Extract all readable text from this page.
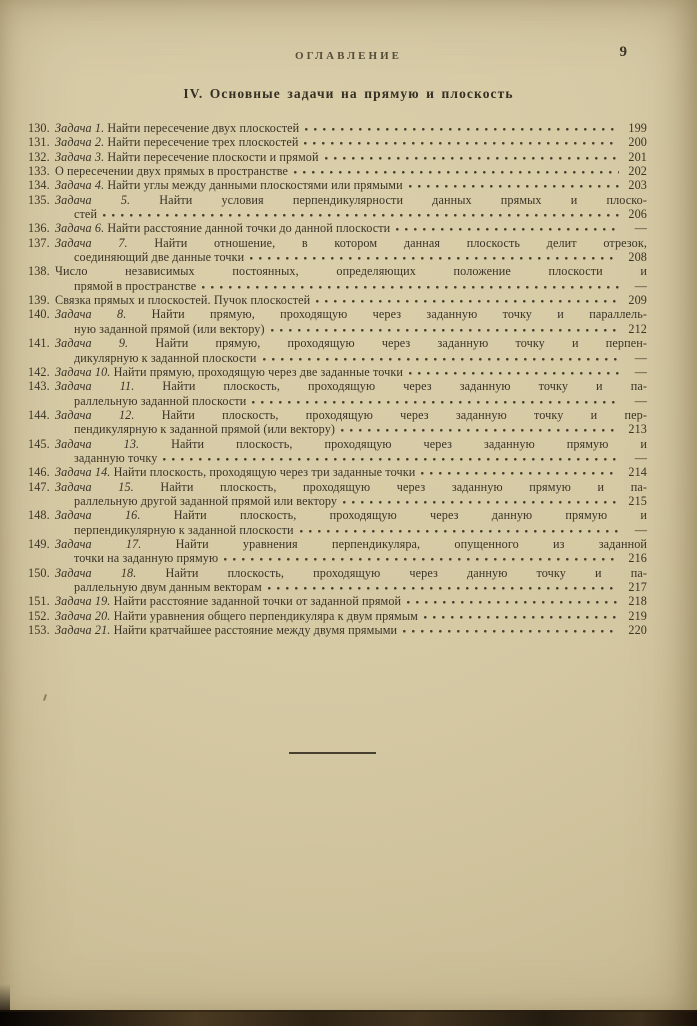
ОГЛАВЛЕНИЕ	9
IV. Основные задачи на прямую и плоскость
130. Задача 1. Найти пересечение двух плоскостей	199
131. Задача 2. Найти пересечение трех плоскостей	200
132. Задача 3. Найти пересечение плоскости и прямой	201
133. О пересечении двух прямых в пространстве	202
134. Задача 4. Найти углы между данными плоскостями или прямыми	203
135. Задача 5. Найти условия перпендикулярности данных прямых и плоско-
стей	206
136. Задача 6. Найти расстояние данной точки до данной плоскости	—
137. Задача 7. Найти отношение, в котором данная плоскость делит отрезок,
соединяющий две данные точки	208
138. Число независимых постоянных, определяющих положение плоскости и
прямой в пространстве	—
139. Связка прямых и плоскостей. Пучок плоскостей	209
140. Задача 8. Найти прямую, проходящую через заданную точку и параллель-
ную заданной прямой (или вектору)	212
141. Задача 9. Найти прямую, проходящую через заданную точку и перпен-
дикулярную к заданной плоскости	—
142. Задача 10. Найти прямую, проходящую через две заданные точки	—
143. Задача 11. Найти плоскость, проходящую через заданную точку и па-
раллельную заданной плоскости	—
144. Задача 12. Найти плоскость, проходящую через заданную точку и пер-
пендикулярную к заданной прямой (или вектору)	213
145. Задача 13. Найти плоскость, проходящую через заданную прямую и
заданную точку	—
146. Задача 14. Найти плоскость, проходящую через три заданные точки	214
147. Задача 15. Найти плоскость, проходящую через заданную прямую и па-
раллельную другой заданной прямой или вектору	215
148. Задача 16. Найти плоскость, проходящую через данную прямую и
перпендикулярную к заданной плоскости	—
149. Задача 17. Найти уравнения перпендикуляра, опущенного из заданной
точки на заданную прямую	216
150. Задача 18. Найти плоскость, проходящую через данную точку и па-
раллельную двум данным векторам	217
151. Задача 19. Найти расстояние заданной точки от заданной прямой	218
152. Задача 20. Найти уравнения общего перпендикуляра к двум прямым	219
153. Задача 21. Найти кратчайшее расстояние между двумя прямыми	220
